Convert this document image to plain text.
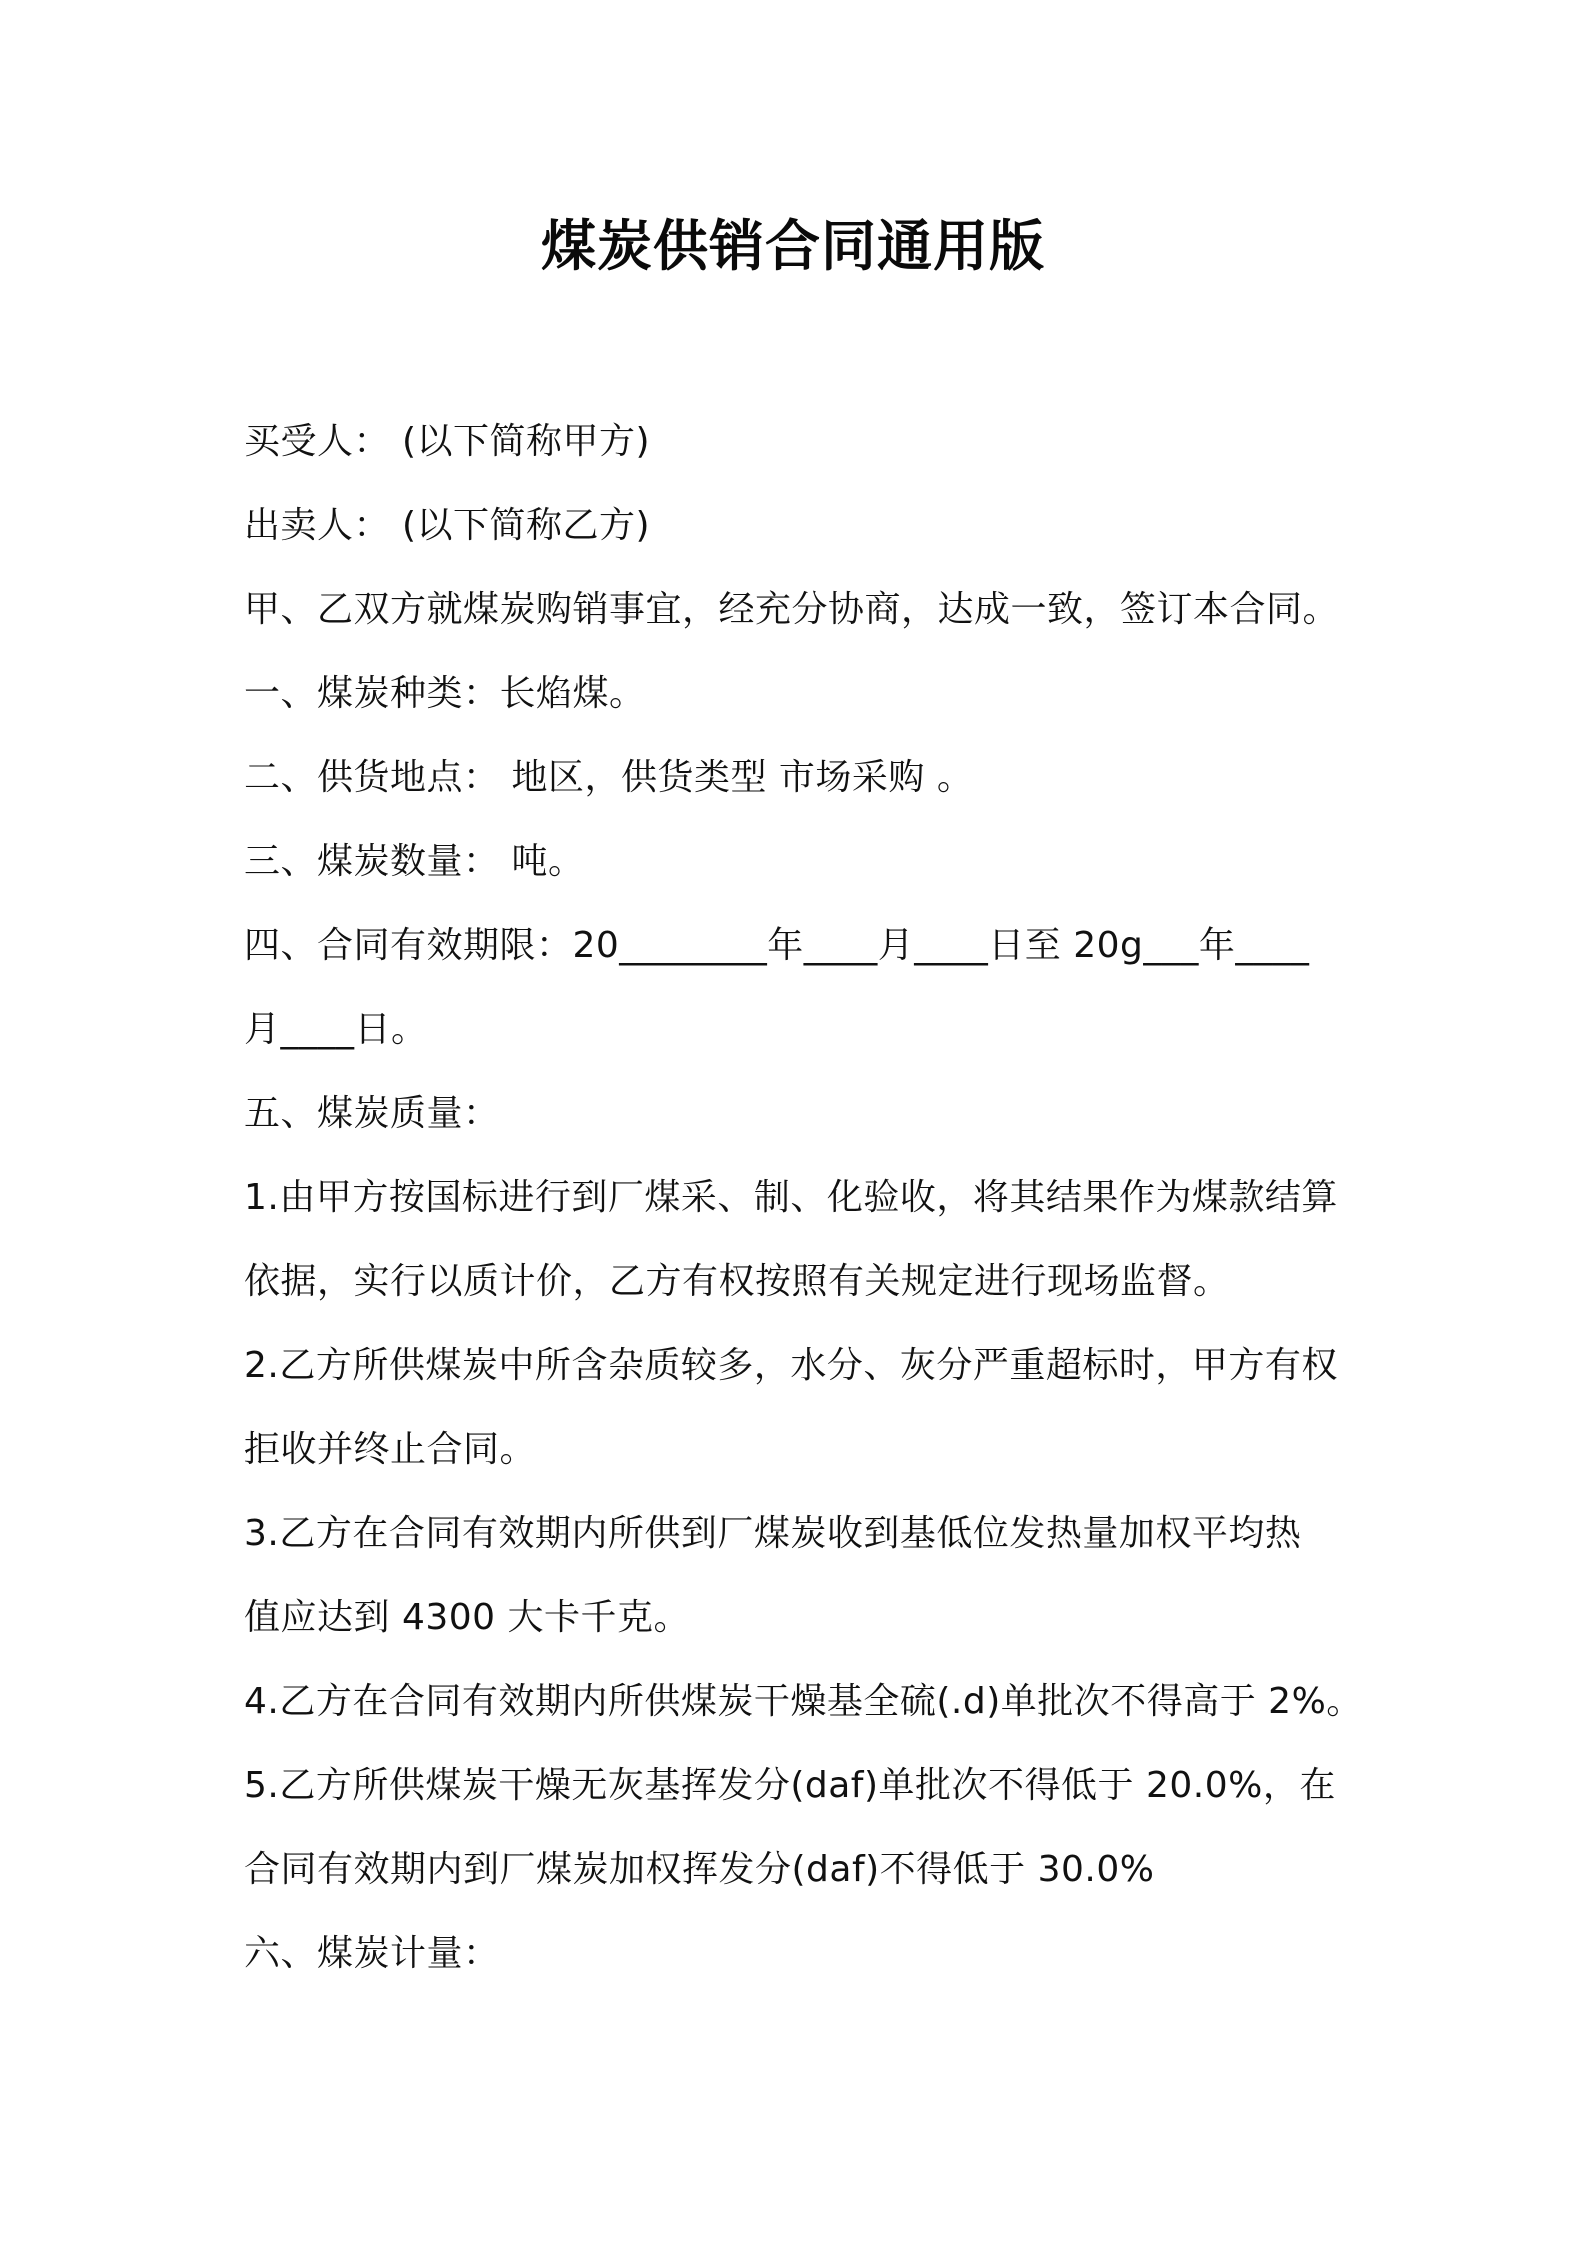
煤炭供销合同通用版
买受人： (以下简称甲方)
出卖人： (以下简称乙方)
甲、乙双方就煤炭购销事宜，经充分协商，达成一致，签订本合同。
一、煤炭种类：长焰煤。
二、供货地点： 地区，供货类型 市场采购 。
三、煤炭数量： 吨。
四、合同有效期限：20________年____月____日至 20g___年____
月____日。
五、煤炭质量：
1.由甲方按国标进行到厂煤采、制、化验收，将其结果作为煤款结算
依据，实行以质计价，乙方有权按照有关规定进行现场监督。
2.乙方所供煤炭中所含杂质较多，水分、灰分严重超标时，甲方有权
拒收并终止合同。
3.乙方在合同有效期内所供到厂煤炭收到基低位发热量加权平均热
值应达到 4300 大卡千克。
4.乙方在合同有效期内所供煤炭干燥基全硫(.d)单批次不得高于 2%。
5.乙方所供煤炭干燥无灰基挥发分(daf)单批次不得低于 20.0%，在
合同有效期内到厂煤炭加权挥发分(daf)不得低于 30.0%
六、煤炭计量：
